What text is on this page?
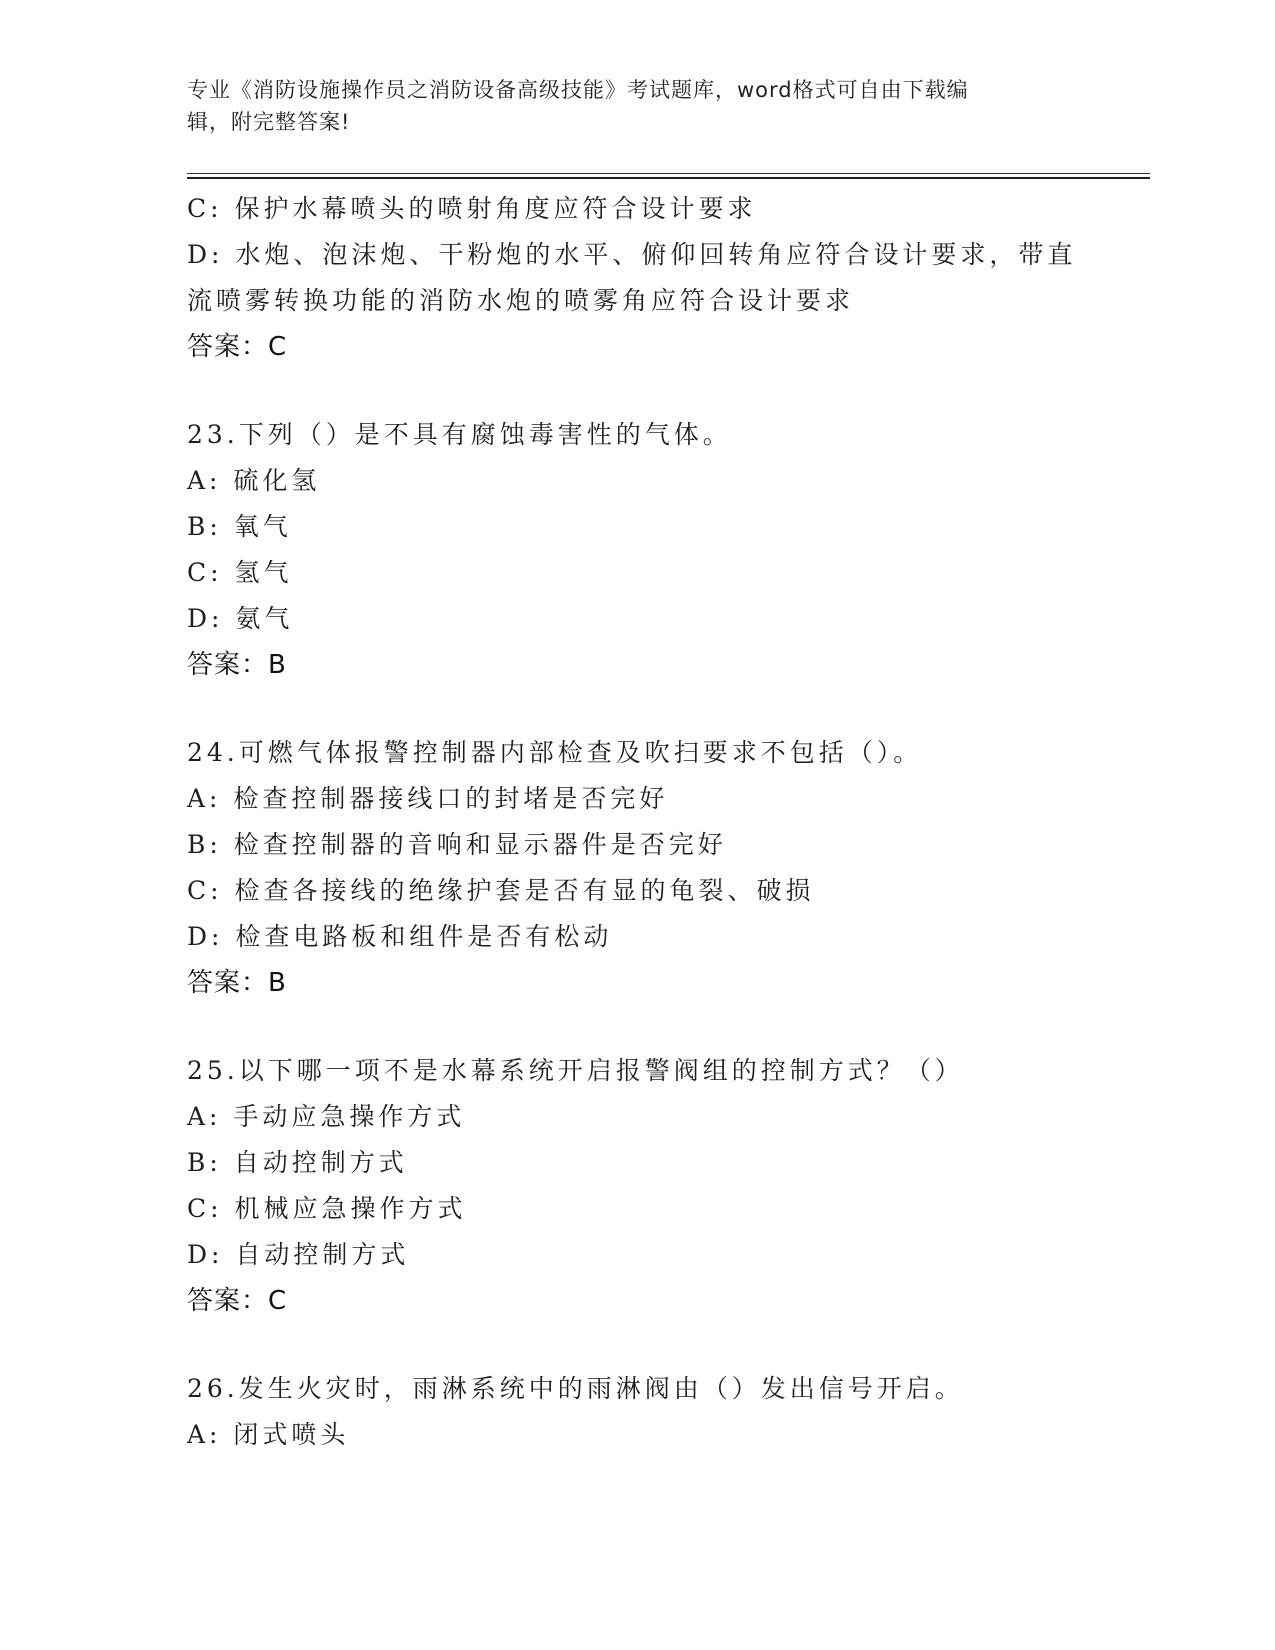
专业《消防设施操作员之消防设备高级技能》考试题库，word格式可自由下载编
辑，附完整答案!
C: 保护水幕喷头的喷射角度应符合设计要求
D: 水炮、泡沫炮、干粉炮的水平、俯仰回转角应符合设计要求，带直
流喷雾转换功能的消防水炮的喷雾角应符合设计要求
答案：C
23.下列（）是不具有腐蚀毒害性的气体。
A: 硫化氢
B: 氧气
C: 氢气
D: 氨气
答案：B
24.可燃气体报警控制器内部检查及吹扫要求不包括（）。
A: 检查控制器接线口的封堵是否完好
B: 检查控制器的音响和显示器件是否完好
C: 检查各接线的绝缘护套是否有显的龟裂、破损
D: 检查电路板和组件是否有松动
答案：B
25.以下哪一项不是水幕系统开启报警阀组的控制方式？（）
A: 手动应急操作方式
B: 自动控制方式
C: 机械应急操作方式
D: 自动控制方式
答案：C
26.发生火灾时，雨淋系统中的雨淋阀由（）发出信号开启。
A: 闭式喷头
